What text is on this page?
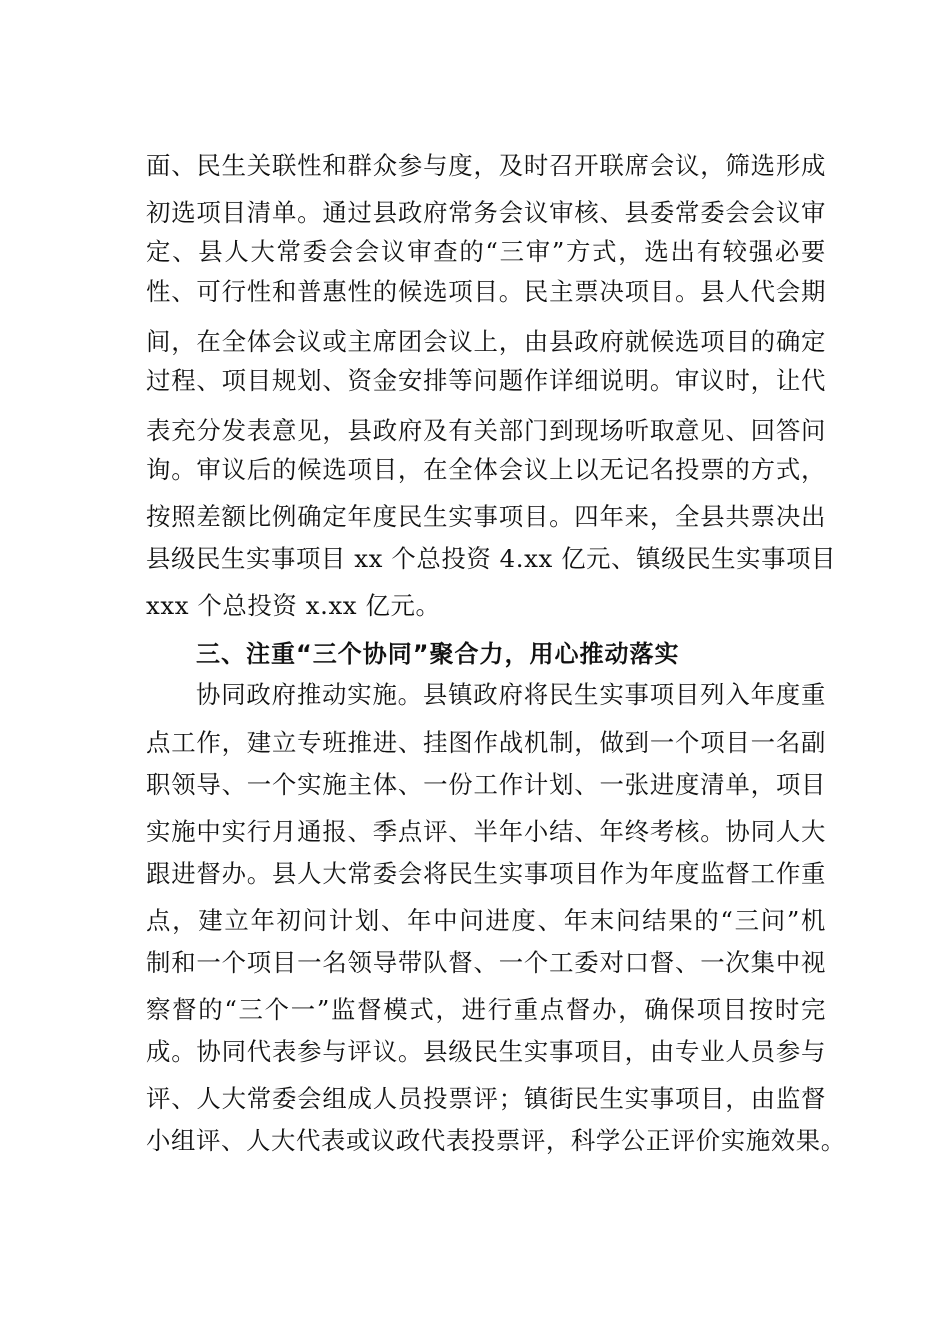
面、民生关联性和群众参与度，及时召开联席会议，筛选形成
初选项目清单。通过县政府常务会议审核、县委常委会会议审
定、县人大常委会会议审查的“三审”方式，选出有较强必要
性、可行性和普惠性的候选项目。民主票决项目。县人代会期
间，在全体会议或主席团会议上，由县政府就候选项目的确定
过程、项目规划、资金安排等问题作详细说明。审议时，让代
表充分发表意见，县政府及有关部门到现场听取意见、回答问
询。审议后的候选项目，在全体会议上以无记名投票的方式，
按照差额比例确定年度民生实事项目。四年来，全县共票决出
县级民生实事项目 xx 个总投资 4.xx 亿元、镇级民生实事项目
xxx 个总投资 x.xx 亿元。
三、注重“三个协同”聚合力，用心推动落实
协同政府推动实施。县镇政府将民生实事项目列入年度重
点工作，建立专班推进、挂图作战机制，做到一个项目一名副
职领导、一个实施主体、一份工作计划、一张进度清单，项目
实施中实行月通报、季点评、半年小结、年终考核。协同人大
跟进督办。县人大常委会将民生实事项目作为年度监督工作重
点，建立年初问计划、年中问进度、年末问结果的“三问”机
制和一个项目一名领导带队督、一个工委对口督、一次集中视
察督的“三个一”监督模式，进行重点督办，确保项目按时完
成。协同代表参与评议。县级民生实事项目，由专业人员参与
评、人大常委会组成人员投票评；镇街民生实事项目，由监督
小组评、人大代表或议政代表投票评，科学公正评价实施效果。
